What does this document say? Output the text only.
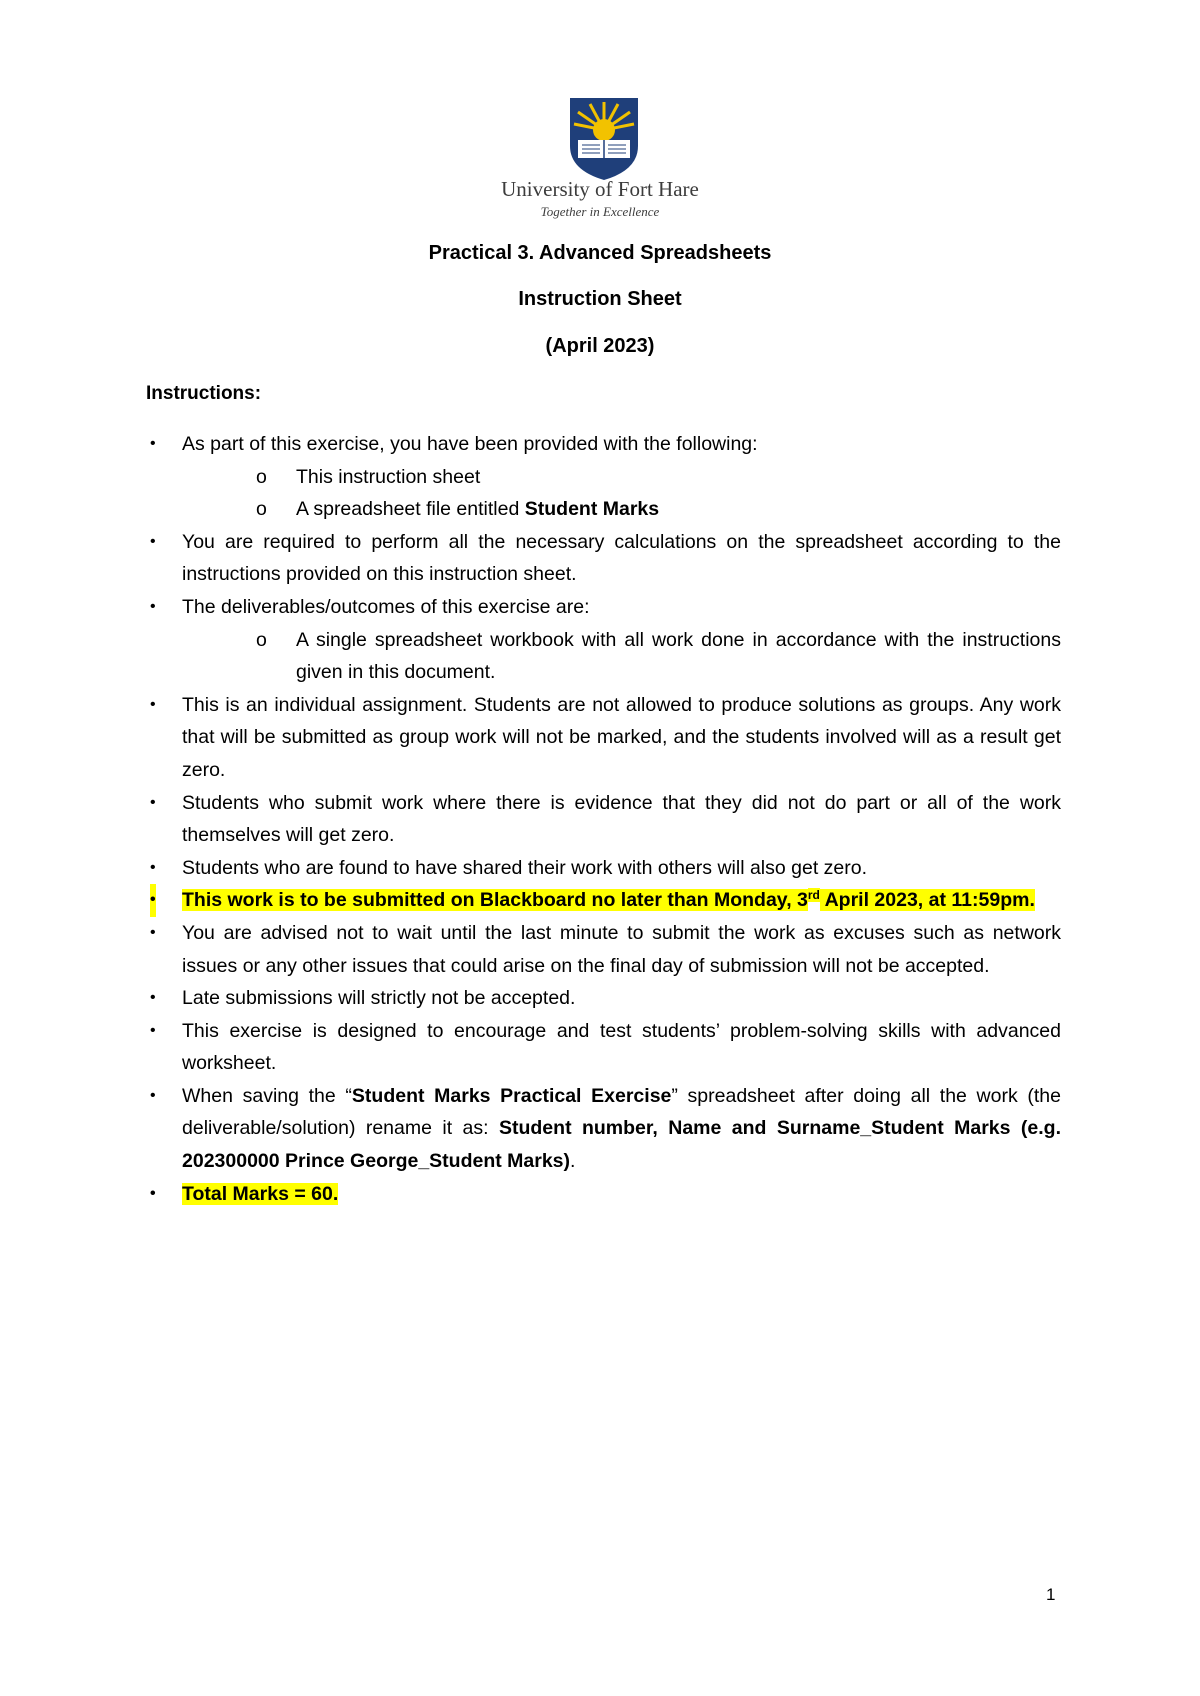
University of Fort Hare
Together in Excellence
Practical 3. Advanced Spreadsheets
Instruction Sheet
(April 2023)
Instructions:
• As part of this exercise, you have been provided with the following:
o This instruction sheet
o A spreadsheet file entitled Student Marks
• You are required to perform all the necessary calculations on the spreadsheet according to the instructions provided on this instruction sheet.
• The deliverables/outcomes of this exercise are:
o A single spreadsheet workbook with all work done in accordance with the instructions given in this document.
• This is an individual assignment. Students are not allowed to produce solutions as groups. Any work that will be submitted as group work will not be marked, and the students involved will as a result get zero.
• Students who submit work where there is evidence that they did not do part or all of the work themselves will get zero.
• Students who are found to have shared their work with others will also get zero.
• This work is to be submitted on Blackboard no later than Monday, 3rd April 2023, at 11:59pm.
• You are advised not to wait until the last minute to submit the work as excuses such as network issues or any other issues that could arise on the final day of submission will not be accepted.
• Late submissions will strictly not be accepted.
• This exercise is designed to encourage and test students’ problem-solving skills with advanced worksheet.
• When saving the “Student Marks Practical Exercise” spreadsheet after doing all the work (the deliverable/solution) rename it as: Student number, Name and Surname_Student Marks (e.g. 202300000 Prince George_Student Marks).
• Total Marks = 60.
1
